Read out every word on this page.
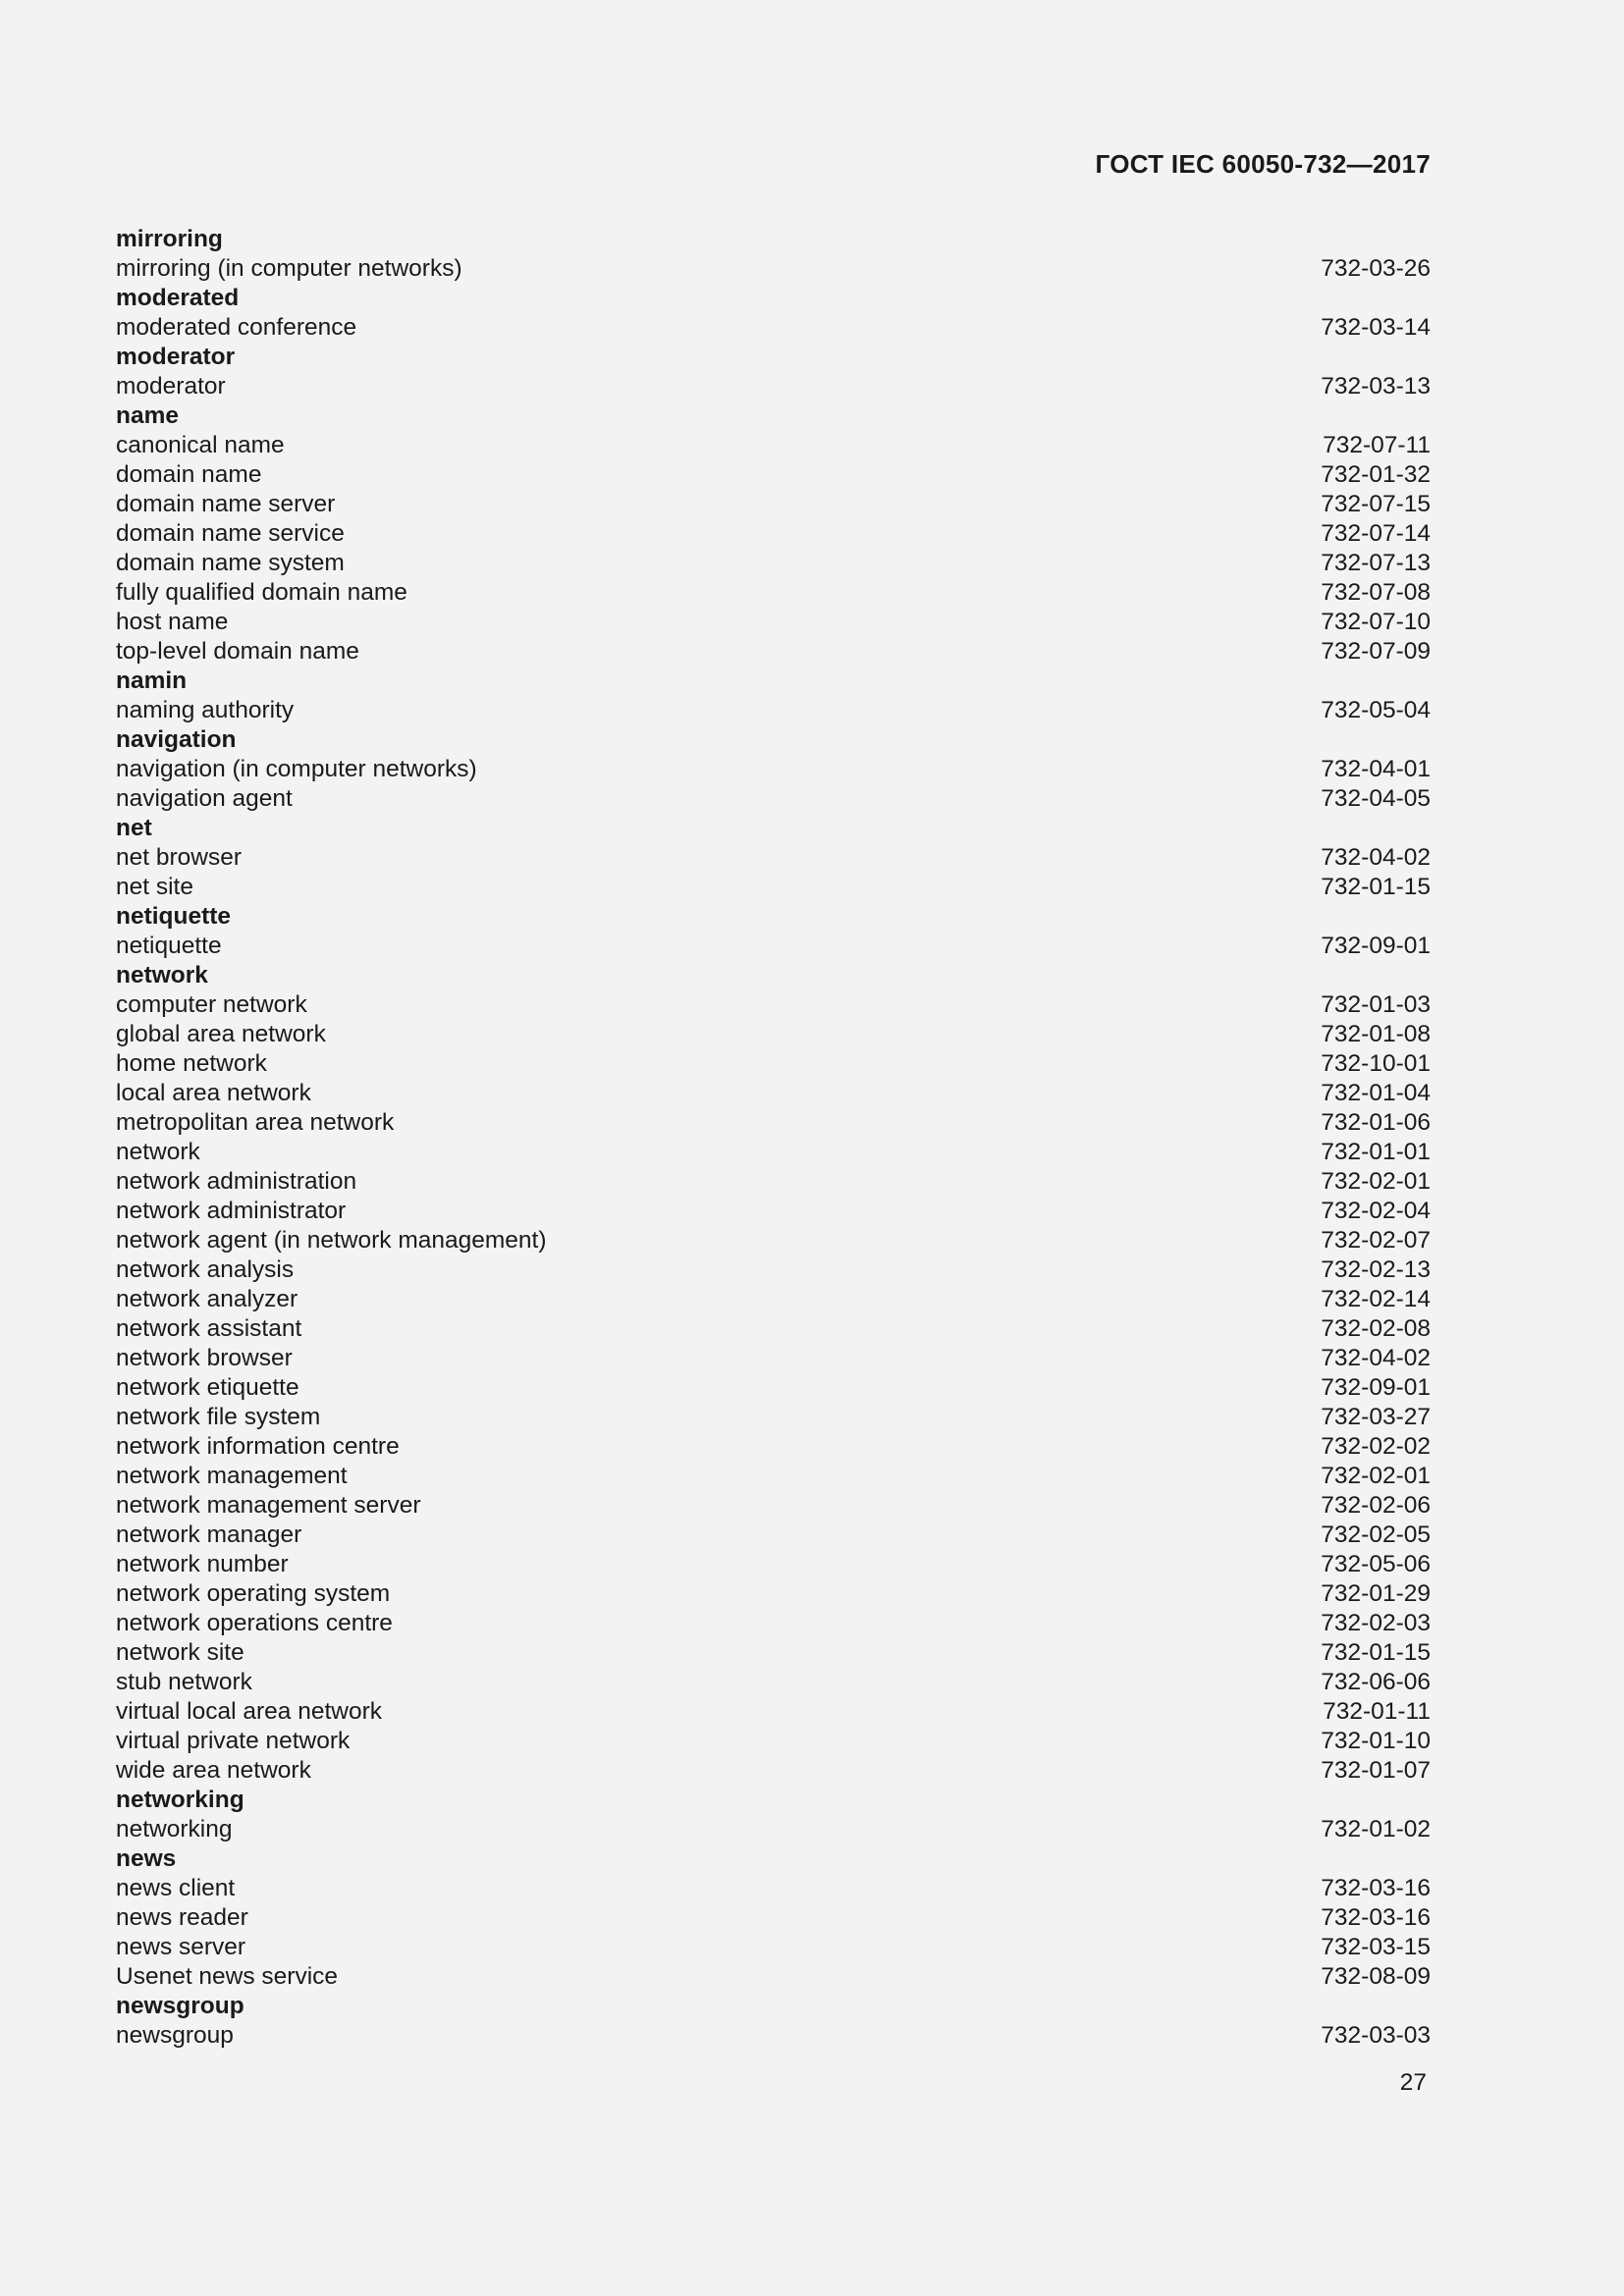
ГОСТ IEC 60050-732—2017
mirroring
mirroring (in computer networks)	732-03-26
moderated
moderated conference	732-03-14
moderator
moderator	732-03-13
name
canonical name	732-07-11
domain name	732-01-32
domain name server	732-07-15
domain name service	732-07-14
domain name system	732-07-13
fully qualified domain name	732-07-08
host name	732-07-10
top-level domain name	732-07-09
namin
naming authority	732-05-04
navigation
navigation (in computer networks)	732-04-01
navigation agent	732-04-05
net
net browser	732-04-02
net site	732-01-15
netiquette
netiquette	732-09-01
network
computer network	732-01-03
global area network	732-01-08
home network	732-10-01
local area network	732-01-04
metropolitan area network	732-01-06
network	732-01-01
network administration	732-02-01
network administrator	732-02-04
network agent (in network management)	732-02-07
network analysis	732-02-13
network analyzer	732-02-14
network assistant	732-02-08
network browser	732-04-02
network etiquette	732-09-01
network file system	732-03-27
network information centre	732-02-02
network management	732-02-01
network management server	732-02-06
network manager	732-02-05
network number	732-05-06
network operating system	732-01-29
network operations centre	732-02-03
network site	732-01-15
stub network	732-06-06
virtual local area network	732-01-11
virtual private network	732-01-10
wide area network	732-01-07
networking
networking	732-01-02
news
news client	732-03-16
news reader	732-03-16
news server	732-03-15
Usenet news service	732-08-09
newsgroup
newsgroup	732-03-03
27
